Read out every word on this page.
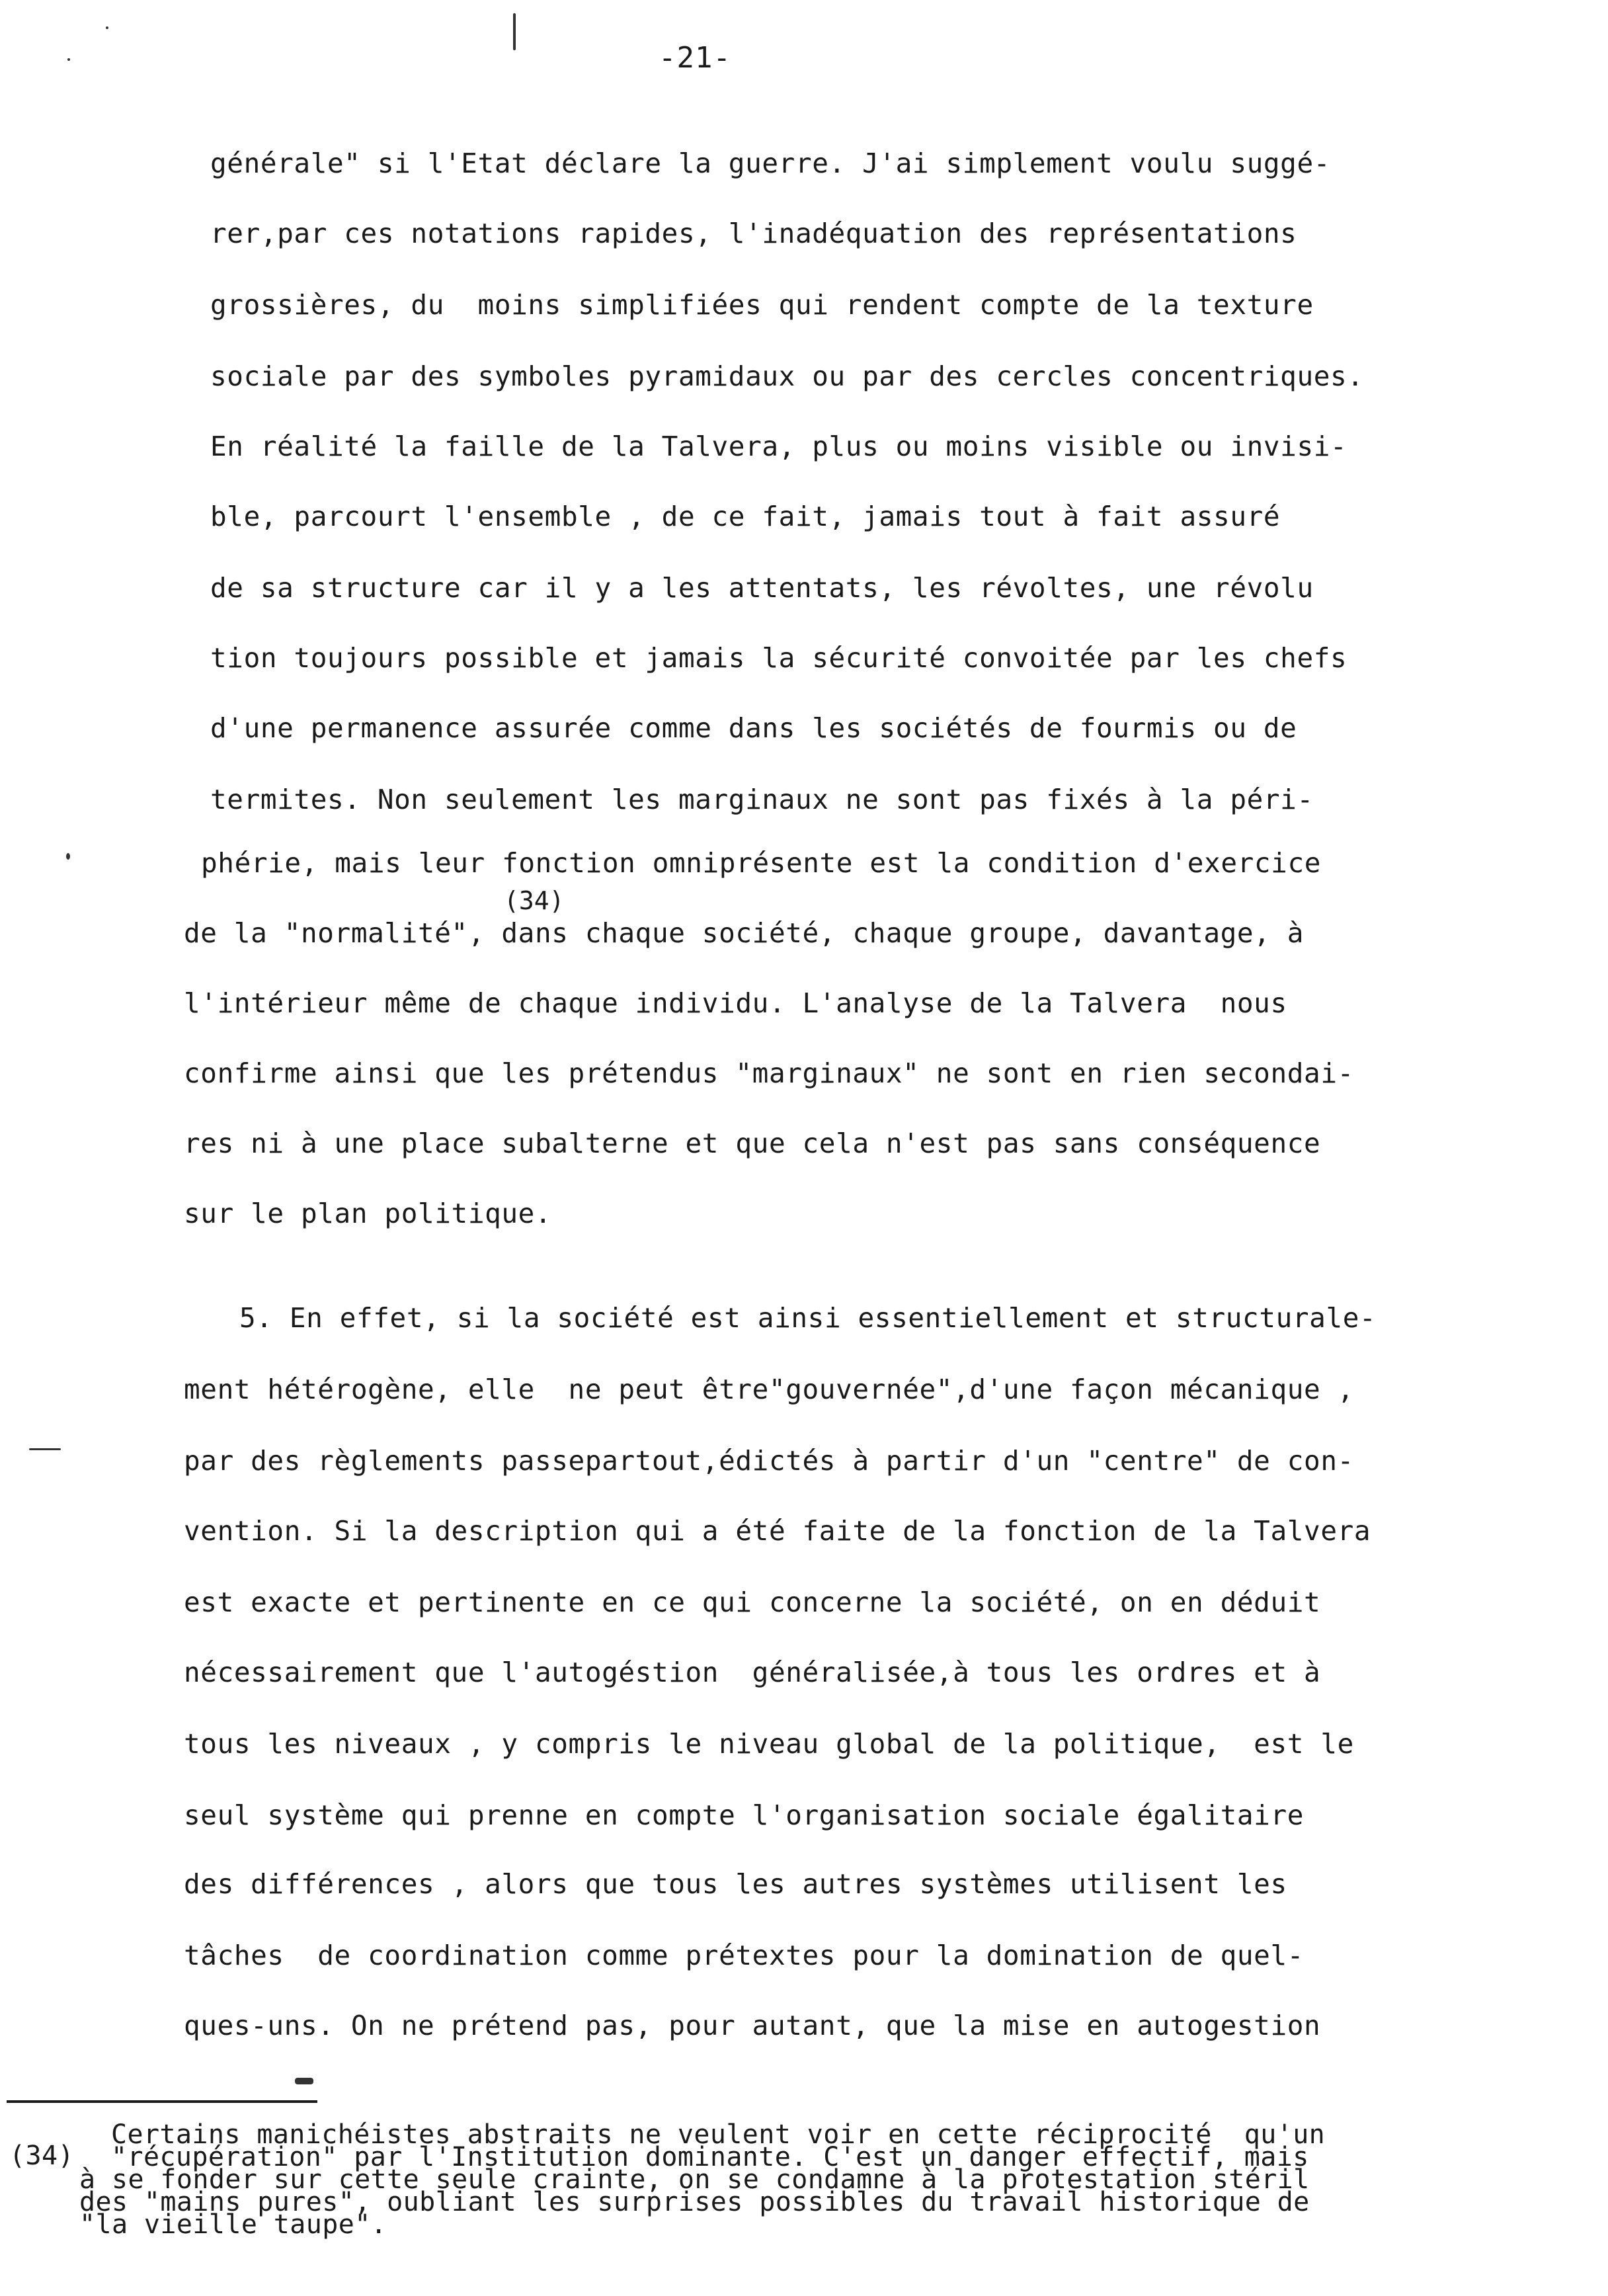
-21-
générale" si l'Etat déclare la guerre. J'ai simplement voulu suggé-
rer,par ces notations rapides, l'inadéquation des représentations
grossières, du  moins simplifiées qui rendent compte de la texture
sociale par des symboles pyramidaux ou par des cercles concentriques.
En réalité la faille de la Talvera, plus ou moins visible ou invisi-
ble, parcourt l'ensemble , de ce fait, jamais tout à fait assuré
de sa structure car il y a les attentats, les révoltes, une révolu
tion toujours possible et jamais la sécurité convoitée par les chefs
d'une permanence assurée comme dans les sociétés de fourmis ou de
termites. Non seulement les marginaux ne sont pas fixés à la péri-
phérie, mais leur fonction omniprésente est la condition d'exercice
(34)
de la "normalité", dans chaque société, chaque groupe, davantage, à
l'intérieur même de chaque individu. L'analyse de la Talvera  nous
confirme ainsi que les prétendus "marginaux" ne sont en rien secondai-
res ni à une place subalterne et que cela n'est pas sans conséquence
sur le plan politique.
5. En effet, si la société est ainsi essentiellement et structurale-
ment hétérogène, elle  ne peut être"gouvernée",d'une façon mécanique ,
par des règlements passepartout,édictés à partir d'un "centre" de con-
vention. Si la description qui a été faite de la fonction de la Talvera
est exacte et pertinente en ce qui concerne la société, on en déduit
nécessairement que l'autogéstion  généralisée,à tous les ordres et à
tous les niveaux , y compris le niveau global de la politique,  est le
seul système qui prenne en compte l'organisation sociale égalitaire
des différences , alors que tous les autres systèmes utilisent les
tâches  de coordination comme prétextes pour la domination de quel-
ques-uns. On ne prétend pas, pour autant, que la mise en autogestion
(34)
Certains manichéistes abstraits ne veulent voir en cette réciprocité  qu'un
"récupération" par l'Institution dominante. C'est un danger effectif, mais
à se fonder sur cette seule crainte, on se condamne à la protestation stéril
des "mains pures", oubliant les surprises possibles du travail historique de
"la vieille taupe".
